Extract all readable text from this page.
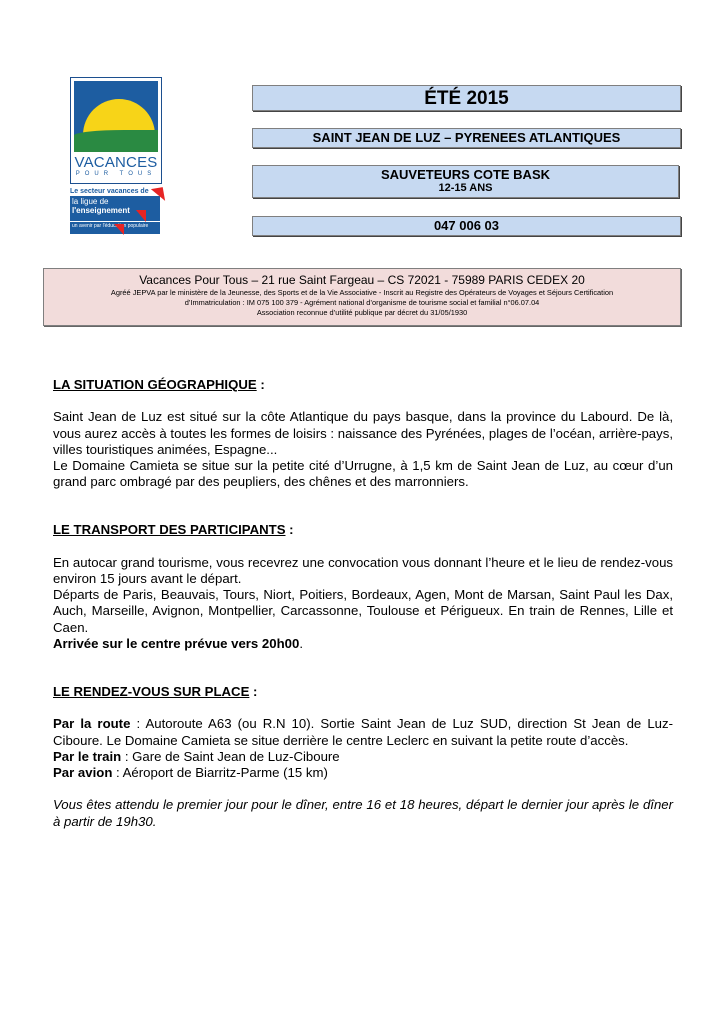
VACANCES
POUR TOUS
Le secteur vacances de
la ligue de
l'enseignement
un avenir par l'éducation populaire
ÉTÉ 2015
SAINT JEAN DE LUZ – PYRENEES ATLANTIQUES
SAUVETEURS COTE BASK
12-15 ANS
047 006 03
Vacances Pour Tous – 21 rue Saint Fargeau – CS 72021 - 75989 PARIS CEDEX 20
Agréé JEPVA par le ministère de la Jeunesse, des Sports et de la Vie Associative - Inscrit au Registre des Opérateurs de Voyages et Séjours Certification
d’Immatriculation : IM 075 100 379 - Agrément national d’organisme de tourisme social et familial n°06.07.04
Association reconnue d’utilité publique par décret du 31/05/1930

LA SITUATION GÉOGRAPHIQUE :

Saint Jean de Luz est situé sur la côte Atlantique du pays basque, dans la province du Labourd. De là, vous aurez accès à toutes les formes de loisirs : naissance des Pyrénées, plages de l’océan, arrière-pays, villes touristiques animées, Espagne...

Le Domaine Camieta se situe sur la petite cité d’Urrugne, à 1,5 km de Saint Jean de Luz, au cœur d’un grand parc ombragé par des peupliers, des chênes et des marronniers.

LE TRANSPORT DES PARTICIPANTS :

En autocar grand tourisme, vous recevrez une convocation vous donnant l’heure et le lieu de rendez-vous environ 15 jours avant le départ.

Départs de Paris, Beauvais, Tours, Niort, Poitiers, Bordeaux, Agen, Mont de Marsan, Saint Paul les Dax, Auch, Marseille, Avignon, Montpellier, Carcassonne, Toulouse et Périgueux. En train de Rennes, Lille et Caen.

Arrivée sur le centre prévue vers 20h00.

LE RENDEZ-VOUS SUR PLACE :

Par la route : Autoroute A63 (ou R.N 10). Sortie Saint Jean de Luz SUD, direction St Jean de Luz-Ciboure. Le Domaine Camieta se situe derrière le centre Leclerc en suivant la petite route d’accès.

Par le train : Gare de Saint Jean de Luz-Ciboure

Par avion : Aéroport de Biarritz-Parme (15 km)

Vous êtes attendu le premier jour pour le dîner, entre 16 et 18 heures, départ le dernier jour après le dîner à partir de 19h30.
